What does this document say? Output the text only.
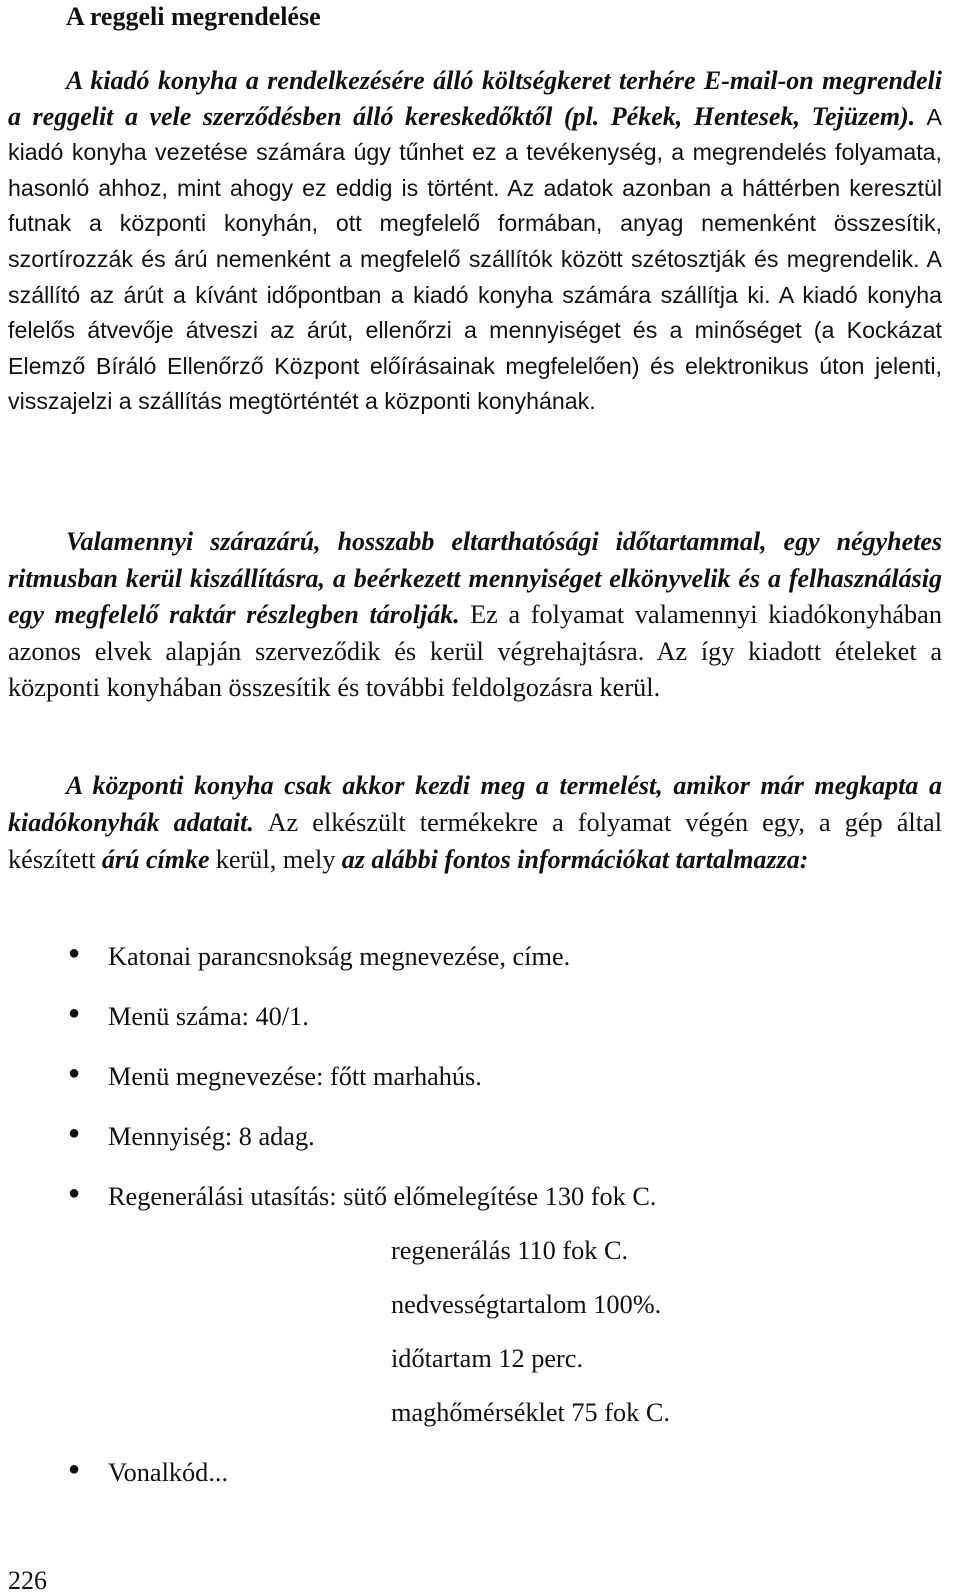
A reggeli megrendelése

A kiadó konyha a rendelkezésére álló költségkeret terhére E-mail-on megrendeli a reggelit a vele szerződésben álló kereskedőktől (pl. Pékek, Hentesek, Tejüzem). A kiadó konyha vezetése számára úgy tűnhet ez a tevékenység, a megrendelés folyamata, hasonló ahhoz, mint ahogy ez eddig is történt. Az adatok azonban a háttérben keresztül futnak a központi konyhán, ott megfelelő formában, anyag nemenként összesítik, szortírozzák és árú nemenként a megfelelő szállítók között szétosztják és megrendelik. A szállító az árút a kívánt időpontban a kiadó konyha számára szállítja ki. A kiadó konyha felelős átvevője átveszi az árút, ellenőrzi a mennyiséget és a minőséget (a Kockázat Elemző Bíráló Ellenőrző Központ előírásainak megfelelően) és elektronikus úton jelenti, visszajelzi a szállítás megtörténtét a központi konyhának.

Valamennyi szárazárú, hosszabb eltarthatósági időtartammal, egy négyhetes ritmusban kerül kiszállításra, a beérkezett mennyiséget elkönyvelik és a felhasználásig egy megfelelő raktár részlegben tárolják. Ez a folyamat valamennyi kiadókonyhában azonos elvek alapján szerveződik és kerül végrehajtásra. Az így kiadott ételeket a központi konyhában összesítik és további feldolgozásra kerül.

A központi konyha csak akkor kezdi meg a termelést, amikor már megkapta a kiadókonyhák adatait. Az elkészült termékekre a folyamat végén egy, a gép által készített árú címke kerül, mely az alábbi fontos információkat tartalmazza:

● Katonai parancsnokság megnevezése, címe.
● Menü száma: 40/1.
● Menü megnevezése: főtt marhahús.
● Mennyiség: 8 adag.
● Regenerálási utasítás: sütő előmelegítése 130 fok C.
regenerálás 110 fok C.
nedvességtartalom 100%.
időtartam 12 perc.
maghőmérséklet 75 fok C.
● Vonalkód...
226
